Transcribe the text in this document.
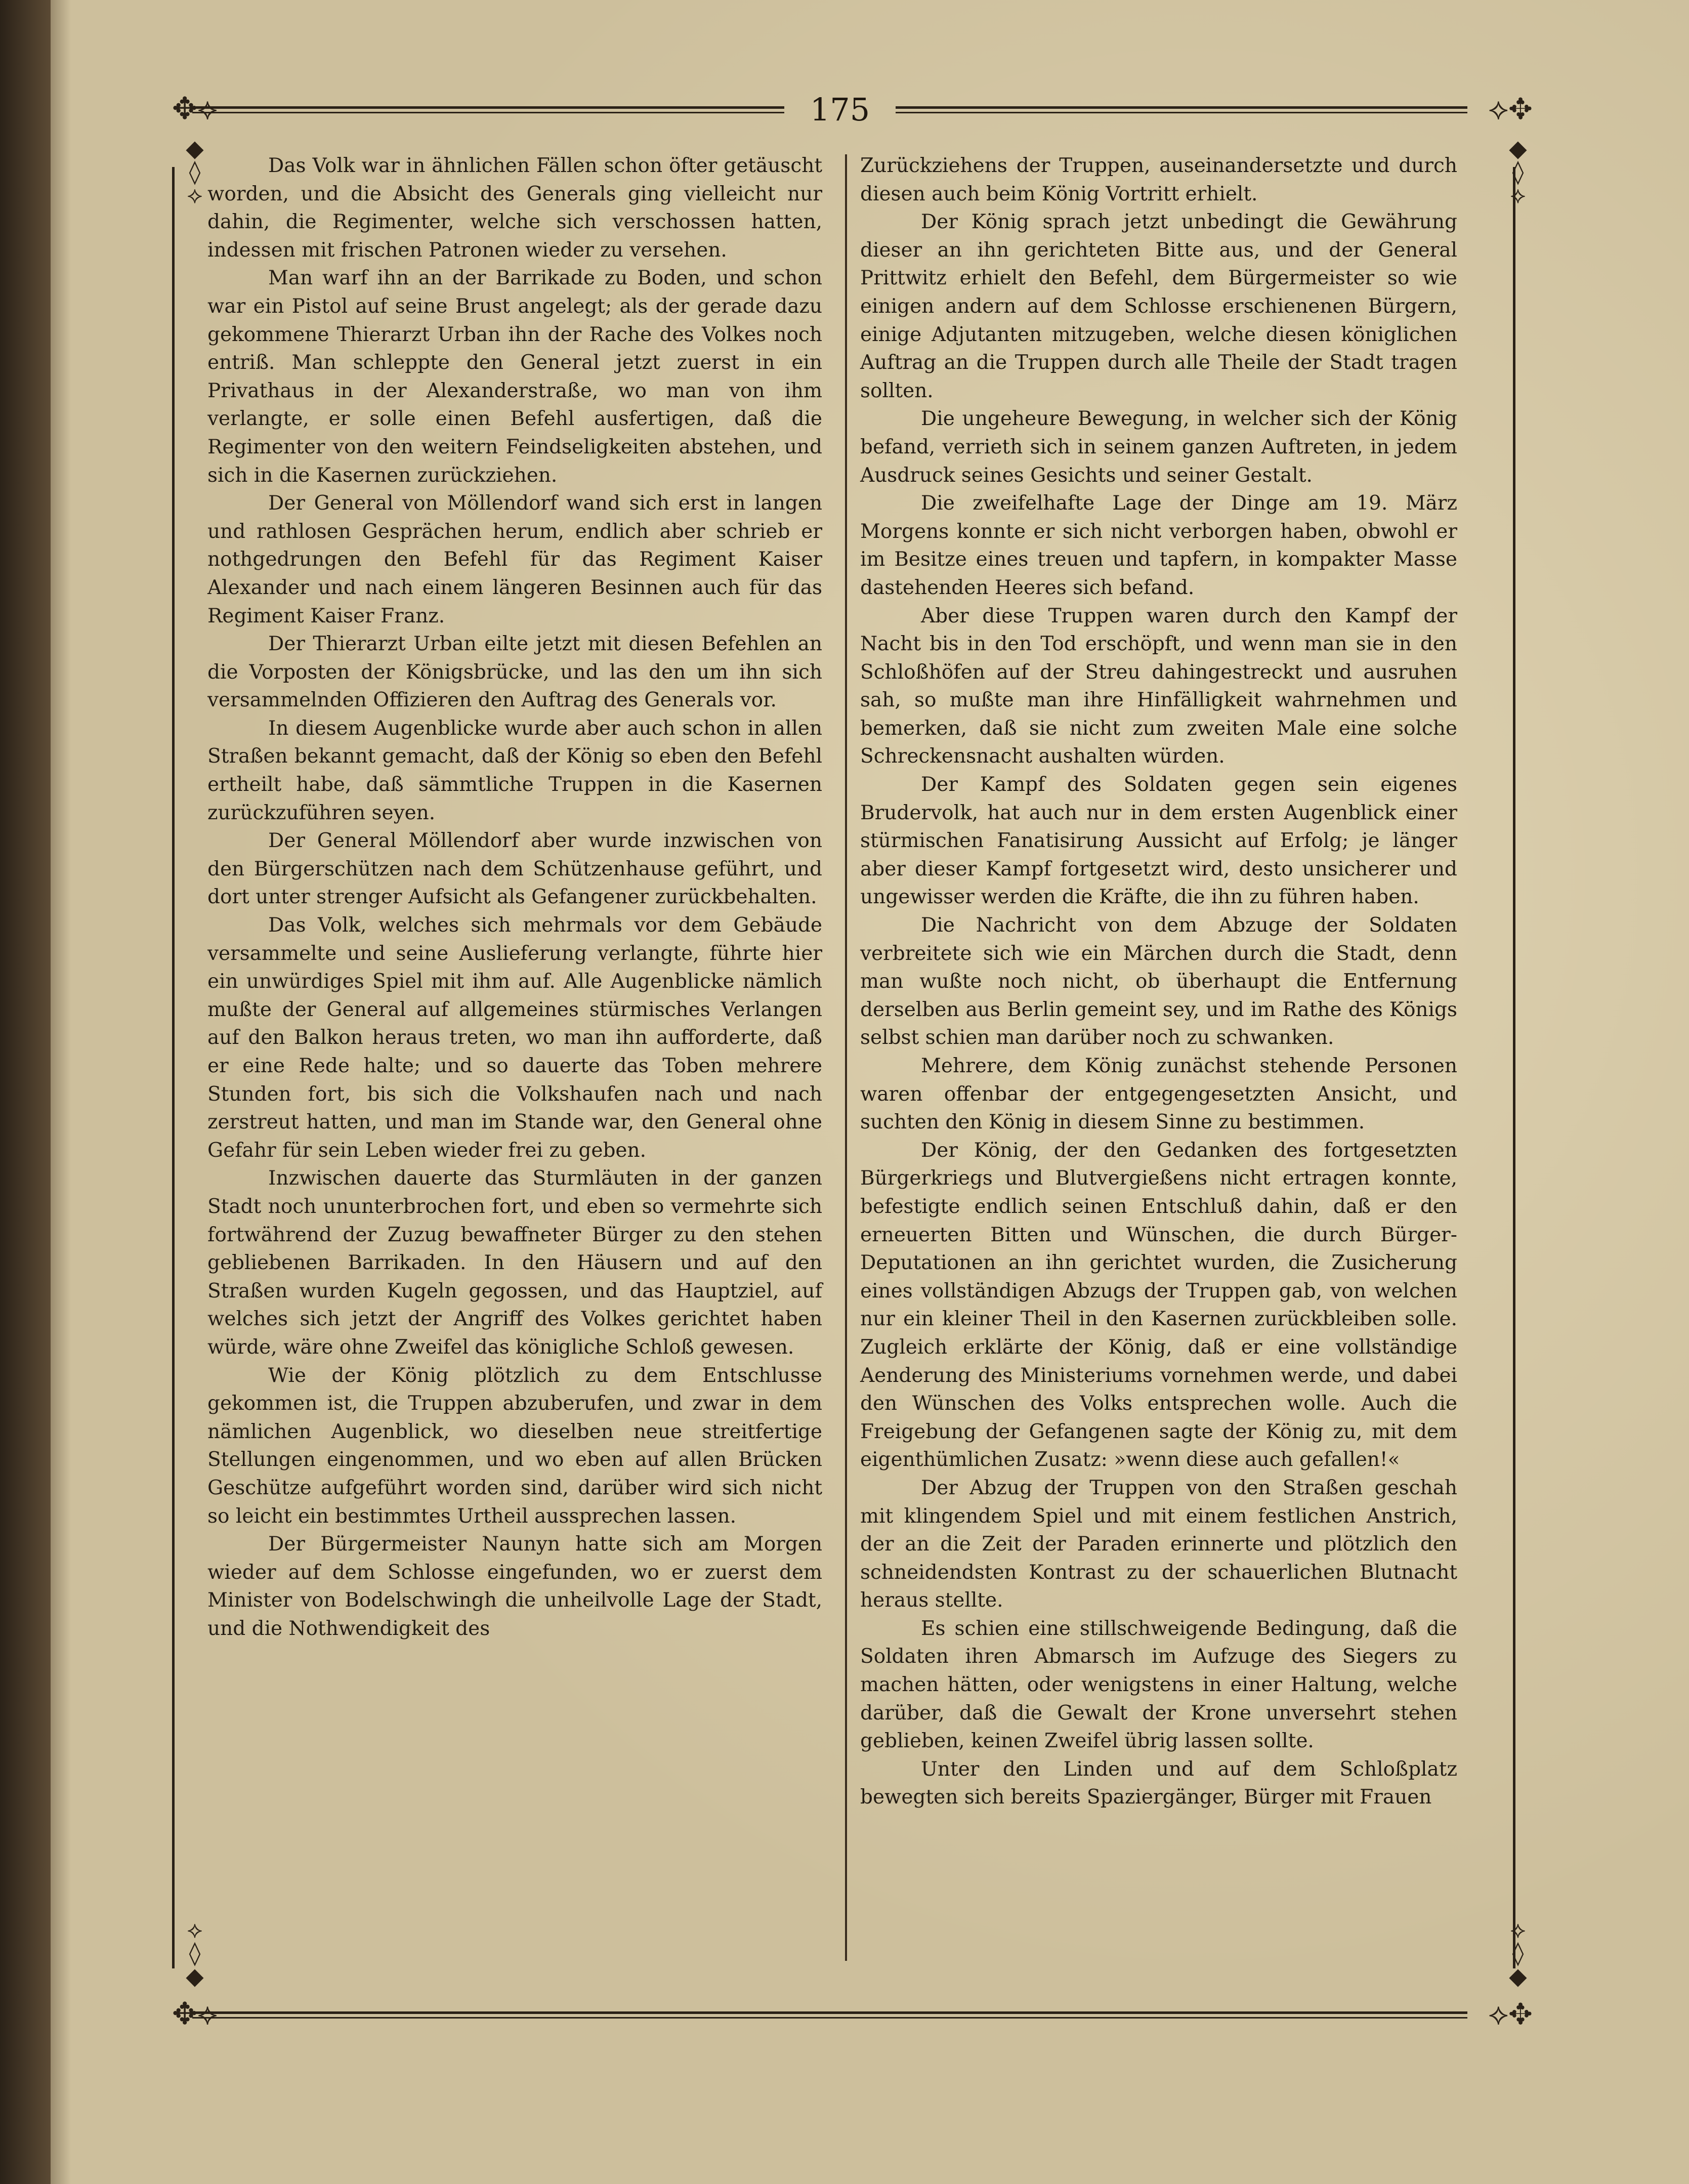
✥⟡	⟡✥
✥⟡	⟡✥
◆
◊
⟡
◆
◊
⟡
⟡
◊
◆
⟡
◊
◆
175

Das Volk war in ähnlichen Fällen schon öfter getäuscht worden, und die Absicht des Generals ging vielleicht nur dahin, die Regimenter, welche sich verschossen hatten, indessen mit frischen Patronen wieder zu versehen.

Man warf ihn an der Barrikade zu Boden, und schon war ein Pistol auf seine Brust angelegt; als der gerade dazu gekommene Thierarzt Urban ihn der Rache des Volkes noch entriß. Man schleppte den General jetzt zuerst in ein Privathaus in der Alexanderstraße, wo man von ihm verlangte, er solle einen Befehl ausfertigen, daß die Regimenter von den weitern Feindseligkeiten abstehen, und sich in die Kasernen zurückziehen.

Der General von Möllendorf wand sich erst in langen und rathlosen Gesprächen herum, endlich aber schrieb er nothgedrungen den Befehl für das Regiment Kaiser Alexander und nach einem längeren Besinnen auch für das Regiment Kaiser Franz.

Der Thierarzt Urban eilte jetzt mit diesen Befehlen an die Vorposten der Königsbrücke, und las den um ihn sich versammelnden Offizieren den Auftrag des Generals vor.

In diesem Augenblicke wurde aber auch schon in allen Straßen bekannt gemacht, daß der König so eben den Befehl ertheilt habe, daß sämmtliche Truppen in die Kasernen zurückzuführen seyen.

Der General Möllendorf aber wurde inzwischen von den Bürgerschützen nach dem Schützenhause geführt, und dort unter strenger Aufsicht als Gefangener zurückbehalten.

Das Volk, welches sich mehrmals vor dem Gebäude versammelte und seine Auslieferung verlangte, führte hier ein unwürdiges Spiel mit ihm auf. Alle Augenblicke nämlich mußte der General auf allgemeines stürmisches Verlangen auf den Balkon heraus treten, wo man ihn aufforderte, daß er eine Rede halte; und so dauerte das Toben mehrere Stunden fort, bis sich die Volkshaufen nach und nach zerstreut hatten, und man im Stande war, den General ohne Gefahr für sein Leben wieder frei zu geben.

Inzwischen dauerte das Sturmläuten in der ganzen Stadt noch ununterbrochen fort, und eben so vermehrte sich fortwährend der Zuzug bewaffneter Bürger zu den stehen gebliebenen Barrikaden. In den Häusern und auf den Straßen wurden Kugeln gegossen, und das Hauptziel, auf welches sich jetzt der Angriff des Volkes gerichtet haben würde, wäre ohne Zweifel das königliche Schloß gewesen.

Wie der König plötzlich zu dem Entschlusse gekommen ist, die Truppen abzuberufen, und zwar in dem nämlichen Augenblick, wo dieselben neue streitfertige Stellungen eingenommen, und wo eben auf allen Brücken Geschütze aufgeführt worden sind, darüber wird sich nicht so leicht ein bestimmtes Urtheil aussprechen lassen.

Der Bürgermeister Naunyn hatte sich am Morgen wieder auf dem Schlosse eingefunden, wo er zuerst dem Minister von Bodelschwingh die unheilvolle Lage der Stadt, und die Nothwendigkeit des

Zurückziehens der Truppen, auseinandersetzte und durch diesen auch beim König Vortritt erhielt.

Der König sprach jetzt unbedingt die Gewährung dieser an ihn gerichteten Bitte aus, und der General Prittwitz erhielt den Befehl, dem Bürgermeister so wie einigen andern auf dem Schlosse erschienenen Bürgern, einige Adjutanten mitzugeben, welche diesen königlichen Auftrag an die Truppen durch alle Theile der Stadt tragen sollten.

Die ungeheure Bewegung, in welcher sich der König befand, verrieth sich in seinem ganzen Auftreten, in jedem Ausdruck seines Gesichts und seiner Gestalt.

Die zweifelhafte Lage der Dinge am 19. März Morgens konnte er sich nicht verborgen haben, obwohl er im Besitze eines treuen und tapfern, in kompakter Masse dastehenden Heeres sich befand.

Aber diese Truppen waren durch den Kampf der Nacht bis in den Tod erschöpft, und wenn man sie in den Schloßhöfen auf der Streu dahingestreckt und ausruhen sah, so mußte man ihre Hinfälligkeit wahrnehmen und bemerken, daß sie nicht zum zweiten Male eine solche Schreckensnacht aushalten würden.

Der Kampf des Soldaten gegen sein eigenes Brudervolk, hat auch nur in dem ersten Augenblick einer stürmischen Fanatisirung Aussicht auf Erfolg; je länger aber dieser Kampf fortgesetzt wird, desto unsicherer und ungewisser werden die Kräfte, die ihn zu führen haben.

Die Nachricht von dem Abzuge der Soldaten verbreitete sich wie ein Märchen durch die Stadt, denn man wußte noch nicht, ob überhaupt die Entfernung derselben aus Berlin gemeint sey, und im Rathe des Königs selbst schien man darüber noch zu schwanken.

Mehrere, dem König zunächst stehende Personen waren offenbar der entgegengesetzten Ansicht, und suchten den König in diesem Sinne zu bestimmen.

Der König, der den Gedanken des fortgesetzten Bürgerkriegs und Blutvergießens nicht ertragen konnte, befestigte endlich seinen Entschluß dahin, daß er den erneuerten Bitten und Wünschen, die durch Bürger-Deputationen an ihn gerichtet wurden, die Zusicherung eines vollständigen Abzugs der Truppen gab, von welchen nur ein kleiner Theil in den Kasernen zurückbleiben solle. Zugleich erklärte der König, daß er eine vollständige Aenderung des Ministeriums vornehmen werde, und dabei den Wünschen des Volks entsprechen wolle. Auch die Freigebung der Gefangenen sagte der König zu, mit dem eigenthümlichen Zusatz: »wenn diese auch gefallen!«

Der Abzug der Truppen von den Straßen geschah mit klingendem Spiel und mit einem festlichen Anstrich, der an die Zeit der Paraden erinnerte und plötzlich den schneidendsten Kontrast zu der schauerlichen Blutnacht heraus stellte.

Es schien eine stillschweigende Bedingung, daß die Soldaten ihren Abmarsch im Aufzuge des Siegers zu machen hätten, oder wenigstens in einer Haltung, welche darüber, daß die Gewalt der Krone unversehrt stehen geblieben, keinen Zweifel übrig lassen sollte.

Unter den Linden und auf dem Schloßplatz bewegten sich bereits Spaziergänger, Bürger mit Frauen
